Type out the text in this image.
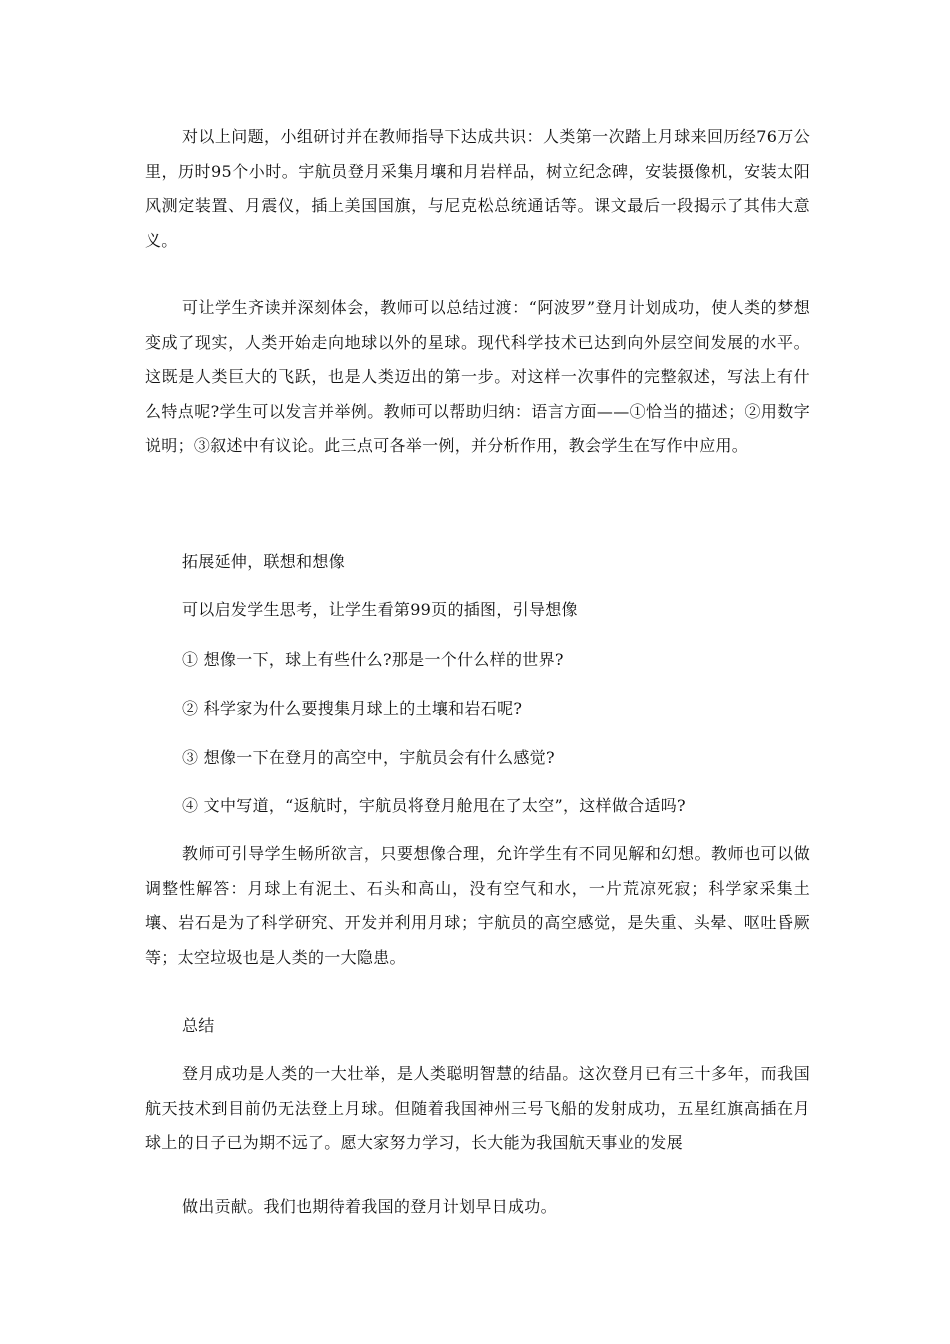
对以上问题，小组研讨并在教师指导下达成共识：人类第一次踏上月球来回历经76万公里，历时95个小时。宇航员登月采集月壤和月岩样品，树立纪念碑，安装摄像机，安装太阳风测定装置、月震仪，插上美国国旗，与尼克松总统通话等。课文最后一段揭示了其伟大意义。

可让学生齐读并深刻体会，教师可以总结过渡：“阿波罗”登月计划成功，使人类的梦想变成了现实，人类开始走向地球以外的星球。现代科学技术已达到向外层空间发展的水平。这既是人类巨大的飞跃，也是人类迈出的第一步。对这样一次事件的完整叙述，写法上有什么特点呢?学生可以发言并举例。教师可以帮助归纳：语言方面——①恰当的描述；②用数字说明；③叙述中有议论。此三点可各举一例，并分析作用，教会学生在写作中应用。

拓展延伸，联想和想像

可以启发学生思考，让学生看第99页的插图，引导想像

① 想像一下，球上有些什么?那是一个什么样的世界?

② 科学家为什么要搜集月球上的土壤和岩石呢?

③ 想像一下在登月的高空中，宇航员会有什么感觉?

④ 文中写道，“返航时，宇航员将登月舱甩在了太空”，这样做合适吗?

教师可引导学生畅所欲言，只要想像合理，允许学生有不同见解和幻想。教师也可以做调整性解答：月球上有泥土、石头和高山，没有空气和水，一片荒凉死寂；科学家采集土壤、岩石是为了科学研究、开发并利用月球；宇航员的高空感觉，是失重、头晕、呕吐昏厥等；太空垃圾也是人类的一大隐患。

总结

登月成功是人类的一大壮举，是人类聪明智慧的结晶。这次登月已有三十多年，而我国航天技术到目前仍无法登上月球。但随着我国神州三号飞船的发射成功，五星红旗高插在月球上的日子已为期不远了。愿大家努力学习，长大能为我国航天事业的发展

做出贡献。我们也期待着我国的登月计划早日成功。
